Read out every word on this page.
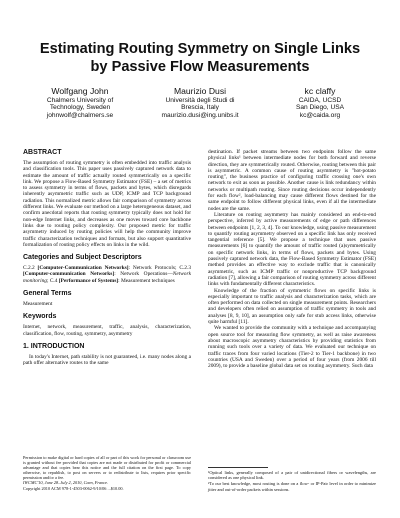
Estimating Routing Symmetry on Single Links
by Passive Flow Measurements
Wolfgang John
Chalmers University of
Technology, Sweden
johnwolf@chalmers.se
Maurizio Dusi
Università degli Studi di
Brescia, Italy
maurizio.dusi@ing.unibs.it
kc claffy
CAIDA, UCSD
San Diego, USA
kc@caida.org
ABSTRACT

The assumption of routing symmetry is often embedded into traffic analysis and classification tools. This paper uses passively captured network data to estimate the amount of traffic actually routed symmetrically on a specific link. We propose a Flow-Based Symmetry Estimator (FSE) – a set of metrics to assess symmetry in terms of flows, packets and bytes, which disregards inherently asymmetric traffic such as UDP, ICMP and TCP background radiation. This normalized metric allows fair comparison of symmetry across different links. We evaluate our method on a large heterogeneous dataset, and confirm anecdotal reports that routing symmetry typically does not hold for non-edge Internet links, and decreases as one moves toward core backbone links due to routing policy complexity. Our proposed metric for traffic asymmetry induced by routing policies will help the community improve traffic characterization techniques and formats, but also support quantitative formalization of routing policy effects on links in the wild.

Categories and Subject Descriptors

C.2.2 [Computer-Communication Networks]: Network Protocols; C.2.3 [Computer-communication Networks]: Network Operations—Network monitoring; C.4 [Performance of Systems]: Measurement techniques

General Terms

Measurement

Keywords

Internet, network, measurement, traffic, analysis, characterization, classification, flow, routing, symmetry, asymmetry

1. INTRODUCTION

In today's Internet, path stability is not guaranteed, i.e. many nodes along a path offer alternative routes to the same

Permission to make digital or hard copies of all or part of this work for personal or classroom use is granted without fee provided that copies are not made or distributed for profit or commercial advantage and that copies bear this notice and the full citation on the first page. To copy otherwise, to republish, to post on servers or to redistribute to lists, requires prior specific permission and/or a fee.

IWCMC'10, June 28–July 2, 2010, Caen, France.

Copyright 2010 ACM 978-1-4503-0062-9/10/06 ...$10.00.

destination. If packet streams between two endpoints follow the same physical links¹ between intermediate nodes for both forward and reverse direction, they are symmetrically routed. Otherwise, routing between this pair is asymmetric. A common cause of routing asymmetry is "hot-potato routing", the business practice of configuring traffic crossing one's own network to exit as soon as possible. Another cause is link redundancy within networks or multipath routing. Since routing decisions occur independently for each flow², load-balancing may cause different flows destined for the same endpoint to follow different physical links, even if all the intermediate nodes are the same.

Literature on routing asymmetry has mainly considered an end-to-end perspective, inferred by active measurements of edge or path differences between endpoints [1, 2, 3, 4]. To our knowledge, using passive measurement to quantify routing asymmetry observed on a specific link has only received tangential reference [5]. We propose a technique that uses passive measurements [6] to quantify the amount of traffic routed (a)symmetrically on specific network links, in terms of flows, packets and bytes. Using passively captured network data, the Flow-Based Symmetry Estimator (FSE) method provides an effective way to exclude traffic that is canonically asymmetric, such as ICMP traffic or nonproductive TCP background radiation [7], allowing a fair comparison of routing symmetry across different links with fundamentally different characteristics.

Knowledge of the fraction of symmetric flows on specific links is especially important to traffic analysis and characterization tasks, which are often performed on data collected on single measurement points. Researchers and developers often relied on assumption of traffic symmetry in tools and analyses [8, 9, 10], an assumption only safe for stub access links, otherwise quite harmful [11].

We wanted to provide the community with a technique and accompanying open source tool for measuring flow symmetry, as well as raise awareness about macroscopic asymmetry characteristics by providing statistics from running such tools over a variety of data. We evaluated our technique on traffic traces from four varied locations (Tier-2 to Tier-1 backbone) in two countries (USA and Sweden) over a period of four years (from 2006 till 2009), to provide a baseline global data set on routing asymmetry. Such data

¹Optical links, generally composed of a pair of unidirectional fibers or wavelengths, are considered as one physical link.

²To our best knowledge, most routing is done on a flow- or IP-Pair level in order to minimize jitter and out-of-order packets within sessions.
